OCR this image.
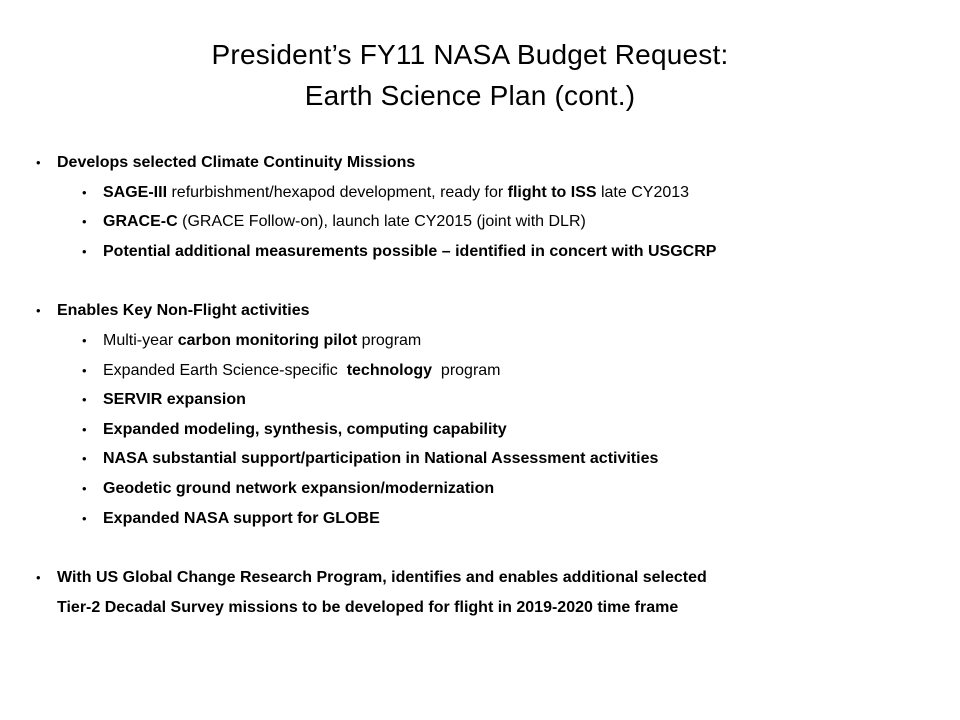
President’s FY11 NASA Budget Request:
Earth Science Plan (cont.)
• Develops selected Climate Continuity Missions
• SAGE-III refurbishment/hexapod development, ready for flight to ISS late CY2013
• GRACE-C (GRACE Follow-on), launch late CY2015 (joint with DLR)
• Potential additional measurements possible – identified in concert with USGCRP
• Enables Key Non-Flight activities
• Multi-year carbon monitoring pilot program
• Expanded Earth Science-specific  technology  program
• SERVIR expansion
• Expanded modeling, synthesis, computing capability
• NASA substantial support/participation in National Assessment activities
• Geodetic ground network expansion/modernization
• Expanded NASA support for GLOBE
• With US Global Change Research Program, identifies and enables additional selected
Tier-2 Decadal Survey missions to be developed for flight in 2019-2020 time frame
